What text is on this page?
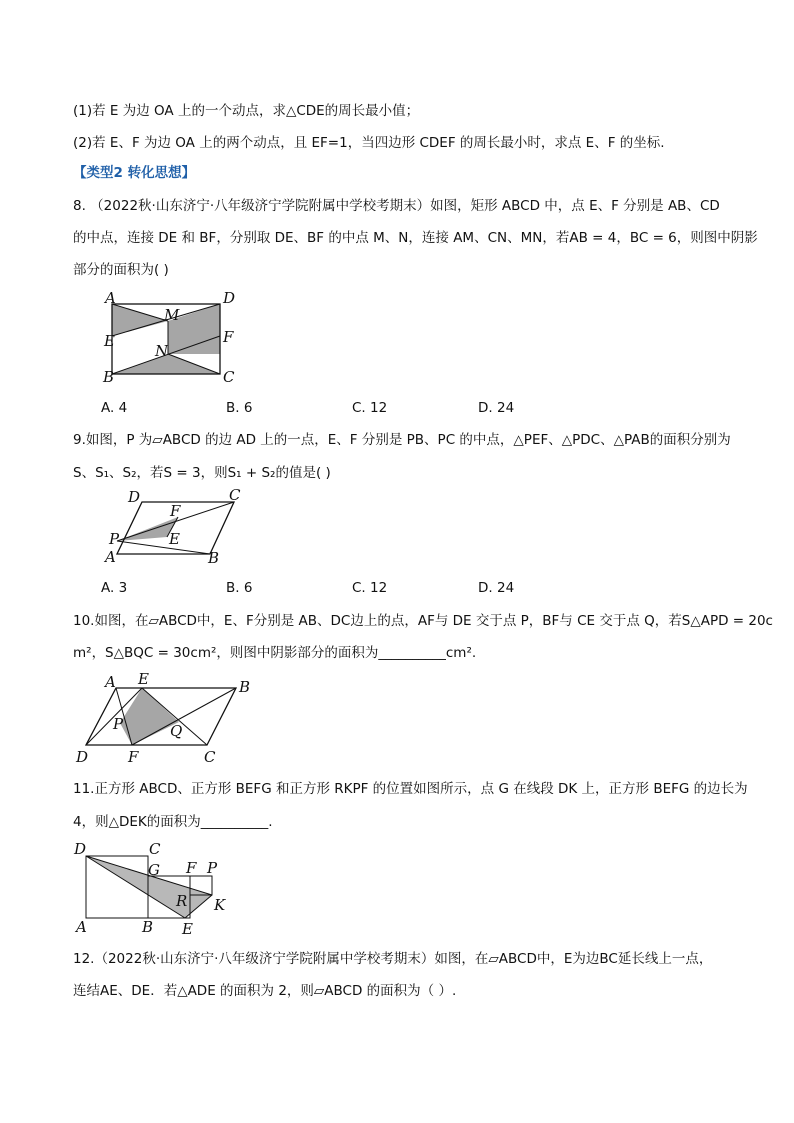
(1)若 E 为边 OA 上的一个动点，求△CDE的周长最小值；
(2)若 E、F 为边 OA 上的两个动点，且 EF=1，当四边形 CDEF 的周长最小时，求点 E、F 的坐标.
【类型2 转化思想】
8. （2022秋·山东济宁·八年级济宁学院附属中学校考期末）如图，矩形 ABCD 中，点 E、F 分别是 AB、CD
的中点，连接 DE 和 BF，分别取 DE、BF 的中点 M、N，连接 AM、CN、MN，若AB = 4，BC = 6，则图中阴影
部分的面积为( )
A	D
E	F
B	C
M
N
A. 4	B. 6	C. 12	D. 24
9.如图，P 为▱ABCD 的边 AD 上的一点，E、F 分别是 PB、PC 的中点，△PEF、△PDC、△PAB的面积分别为
S、S₁、S₂，若S = 3，则S₁ + S₂的值是( )
D	C
P
A	B
F
E
A. 3	B. 6	C. 12	D. 24
10.如图，在▱ABCD中，E、F分别是 AB、DC边上的点，AF与 DE 交于点 P，BF与 CE 交于点 Q，若S△APD = 20c
m²，S△BQC = 30cm²，则图中阴影部分的面积为__________cm².
A E	B
P	Q
D	F	C
11.正方形 ABCD、正方形 BEFG 和正方形 RKPF 的位置如图所示，点 G 在线段 DK 上，正方形 BEFG 的边长为
4，则△DEK的面积为__________.
D	C
G F P
R K
A	B E
12.（2022秋·山东济宁·八年级济宁学院附属中学校考期末）如图，在▱ABCD中，E为边BC延长线上一点，
连结AE、DE．若△ADE 的面积为 2，则▱ABCD 的面积为（ ）.
